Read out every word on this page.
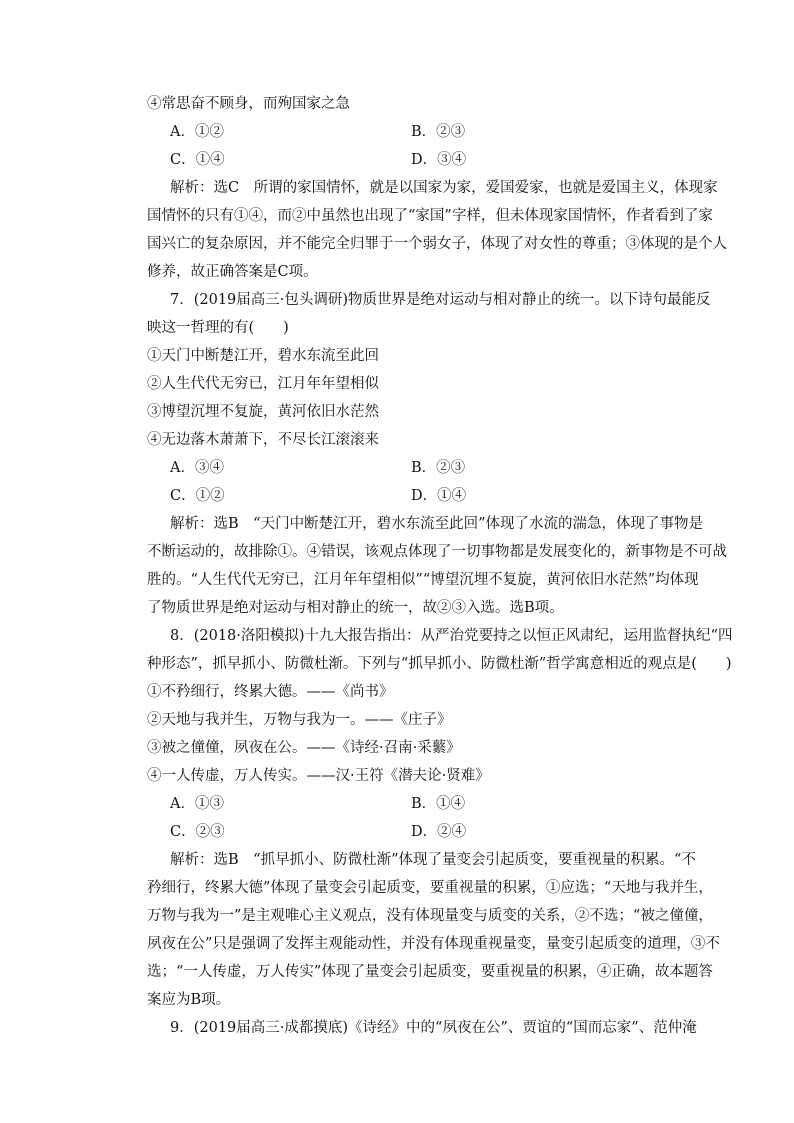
④常思奋不顾身，而殉国家之急
A．①②	B．②③
C．①④	D．③④
解析：选C　所谓的家国情怀，就是以国家为家，爱国爱家，也就是爱国主义，体现家
国情怀的只有①④，而②中虽然也出现了“家国”字样，但未体现家国情怀，作者看到了家
国兴亡的复杂原因，并不能完全归罪于一个弱女子，体现了对女性的尊重；③体现的是个人
修养，故正确答案是C项。
7．(2019届高三·包头调研)物质世界是绝对运动与相对静止的统一。以下诗句最能反
映这一哲理的有(　　)
①天门中断楚江开，碧水东流至此回
②人生代代无穷已，江月年年望相似
③博望沉埋不复旋，黄河依旧水茫然
④无边落木萧萧下，不尽长江滚滚来
A．③④	B．②③
C．①②	D．①④
解析：选B　“天门中断楚江开，碧水东流至此回”体现了水流的湍急，体现了事物是
不断运动的，故排除①。④错误，该观点体现了一切事物都是发展变化的，新事物是不可战
胜的。“人生代代无穷已，江月年年望相似”“博望沉埋不复旋，黄河依旧水茫然”均体现
了物质世界是绝对运动与相对静止的统一，故②③入选。选B项。
8．(2018·洛阳模拟)十九大报告指出：从严治党要持之以恒正风肃纪，运用监督执纪“四
种形态”，抓早抓小、防微杜渐。下列与“抓早抓小、防微杜渐”哲学寓意相近的观点是(　　)
①不矜细行，终累大德。——《尚书》
②天地与我并生，万物与我为一。——《庄子》
③被之僮僮，夙夜在公。——《诗经·召南·采蘩》
④一人传虚，万人传实。——汉·王符《潜夫论·贤难》
A．①③	B．①④
C．②③	D．②④
解析：选B　“抓早抓小、防微杜渐”体现了量变会引起质变，要重视量的积累。“不
矜细行，终累大德”体现了量变会引起质变，要重视量的积累，①应选；“天地与我并生，
万物与我为一”是主观唯心主义观点，没有体现量变与质变的关系，②不选；“被之僮僮，
夙夜在公”只是强调了发挥主观能动性，并没有体现重视量变，量变引起质变的道理，③不
选；“一人传虚，万人传实”体现了量变会引起质变，要重视量的积累，④正确，故本题答
案应为B项。
9．(2019届高三·成都摸底)《诗经》中的“夙夜在公”、贾谊的“国而忘家”、范仲淹
